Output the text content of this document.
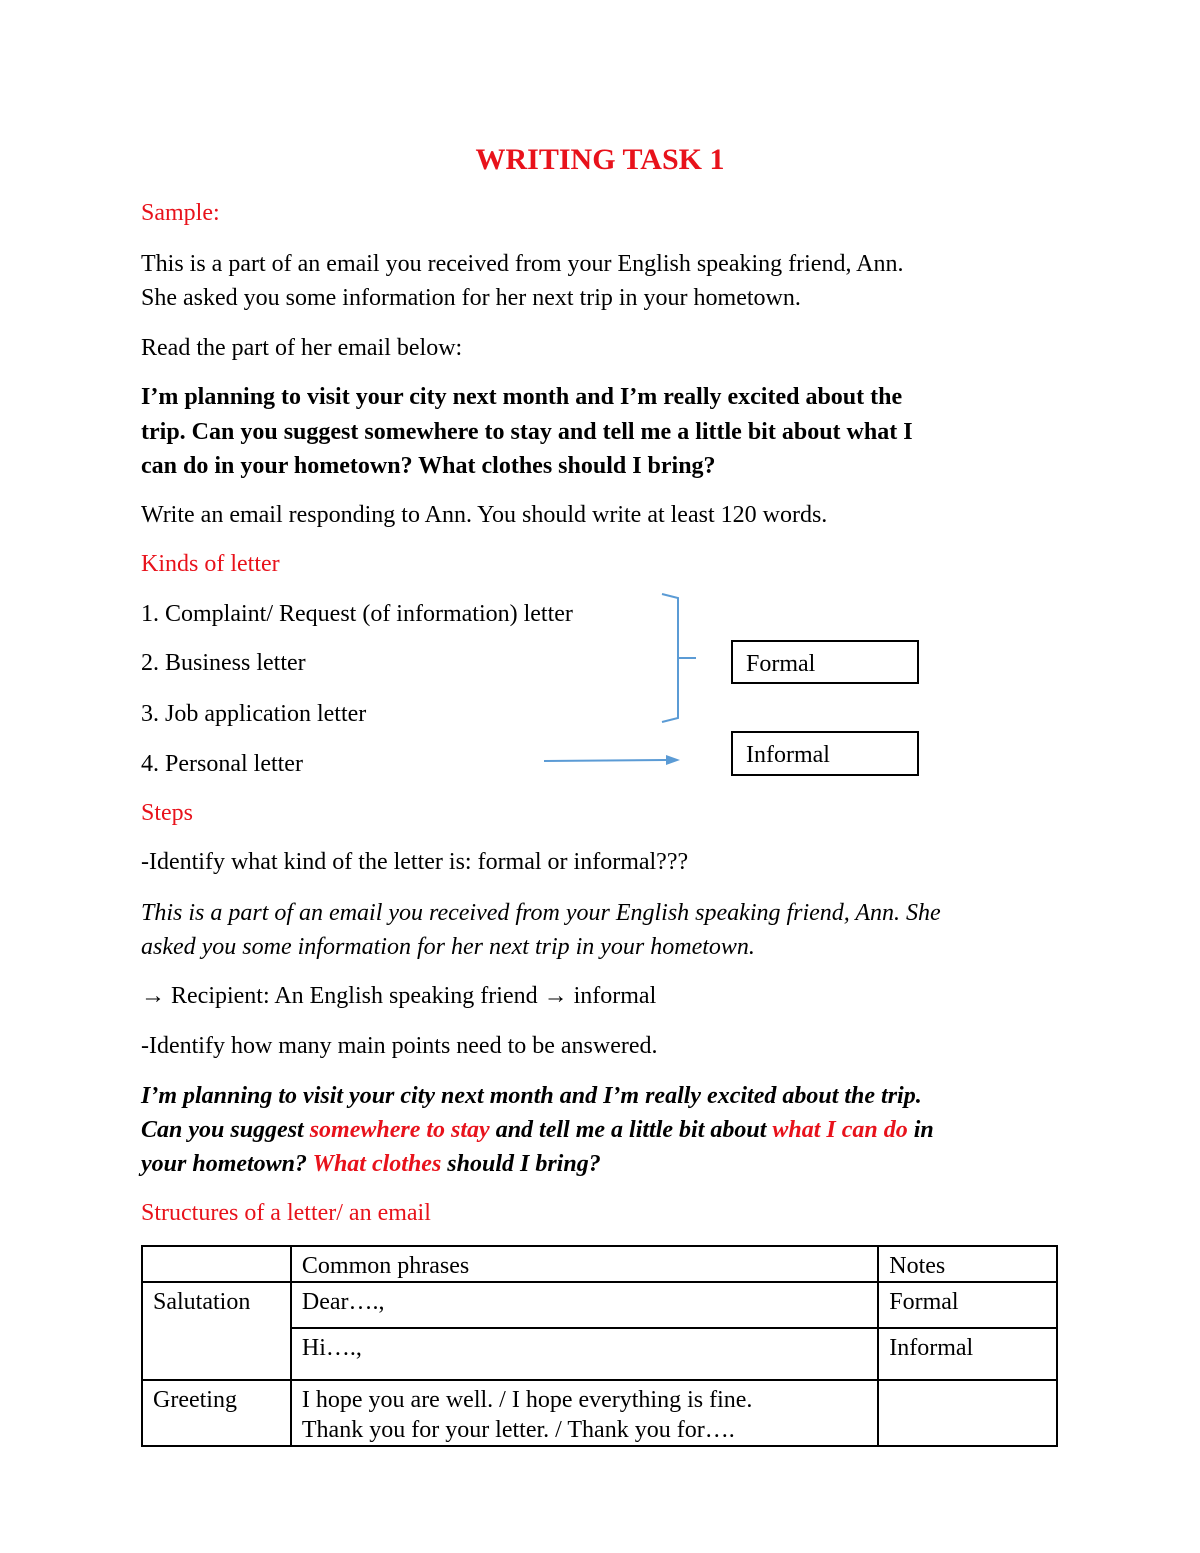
WRITING TASK 1
Sample:
This is a part of an email you received from your English speaking friend, Ann.
She asked you some information for her next trip in your hometown.
Read the part of her email below:
I’m planning to visit your city next month and I’m really excited about the
trip. Can you suggest somewhere to stay and tell me a little bit about what I
can do in your hometown? What clothes should I bring?
Write an email responding to Ann. You should write at least 120 words.
Kinds of letter
1. Complaint/ Request (of information) letter
2. Business letter
3. Job application letter
4. Personal letter
Formal
Informal
Steps
-Identify what kind of the letter is: formal or informal???
This is a part of an email you received from your English speaking friend, Ann. She
asked you some information for her next trip in your hometown.
→ Recipient: An English speaking friend → informal
-Identify how many main points need to be answered.
I’m planning to visit your city next month and I’m really excited about the trip.
Can you suggest somewhere to stay and tell me a little bit about what I can do in
your hometown? What clothes should I bring?
Structures of a letter/ an email
	Common phrases	Notes
Salutation	Dear….,	Formal
	Hi….,	Informal
Greeting	I hope you are well. / I hope everything is fine.
Thank you for your letter. / Thank you for….	
